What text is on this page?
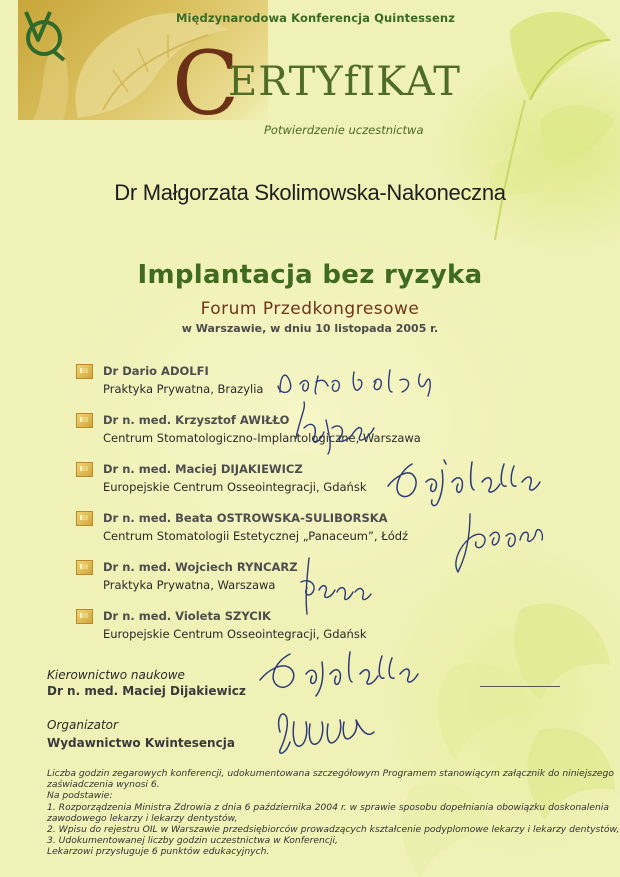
QV
Międzynarodowa Konferencja Quintessenz
C
ERTYfIKAT
Potwierdzenie uczestnictwa
Dr Małgorzata Skolimowska-Nakoneczna
Implantacja bez ryzyka
Forum Przedkongresowe
w Warszawie, w dniu 10 listopada 2005 r.
Dr Dario ADOLFI
Praktyka Prywatna, Brazylia
Dr n. med. Krzysztof AWIŁŁO
Centrum Stomatologiczno-Implantologiczne, Warszawa
Dr n. med. Maciej DIJAKIEWICZ
Europejskie Centrum Osseointegracji, Gdańsk
Dr n. med. Beata OSTROWSKA-SULIBORSKA
Centrum Stomatologii Estetycznej „Panaceum”, Łódź
Dr n. med. Wojciech RYNCARZ
Praktyka Prywatna, Warszawa
Dr n. med. Violeta SZYCIK
Europejskie Centrum Osseointegracji, Gdańsk
Kierownictwo naukowe
Dr n. med. Maciej Dijakiewicz
Organizator
Wydawnictwo Kwintesencja
Liczba godzin zegarowych konferencji, udokumentowana szczegółowym Programem stanowiącym załącznik do niniejszego
zaświadczenia wynosi 6.
Na podstawie:
1. Rozporządzenia Ministra Zdrowia z dnia 6 października 2004 r. w sprawie sposobu dopełniania obowiązku doskonalenia
zawodowego lekarzy i lekarzy dentystów,
2. Wpisu do rejestru OIL w Warszawie przedsiębiorców prowadzących kształcenie podyplomowe lekarzy i lekarzy dentystów,
3. Udokumentowanej liczby godzin uczestnictwa w Konferencji,
Lekarzowi przysługuje 6 punktów edukacyjnych.
